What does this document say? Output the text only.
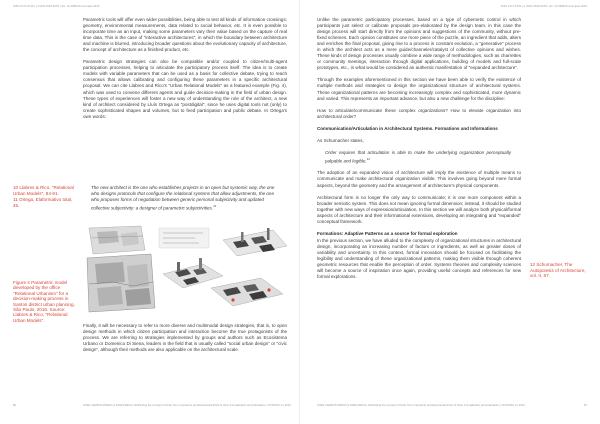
ISSN 2171-6749 | e-ISSN 2530-8478 | doi: 10.4995/vitruvio-ijats.2019

Parametric tools will offer even wider possibilities, being able to test all kinds of information crossings: geometry, environmental measurements, data related to social behavior, etc. It is even possible to incorporate time as an input, making some parameters vary their value based on the capture of real time data. This is the case of "interactive architectures", in which the boundary between architecture and machine is blurred, introducing broader questions about the evolutionary capacity of architecture, the concept of architecture as a finished product, etc.

Parametric design strategies can also be compatible and/or coupled to citizen/multi-agent participation processes, helping to articulate the participatory process itself. The idea is to create models with variable parameters that can be used as a basis for collective debate, trying to reach consensus that allows calibrating and configuring these parameters in a specific architectural proposal. We can cite Llabres and Rico's "Urban Relational Models" as a featured example (Fig. 4), which was used to convene different agents and guide decision-making in the field of urban design. These types of experiences will foster a new way of understanding the role of the architect, a new kind of architect considered by Lluís Ortega as "postdigital", since he uses digital tools not (only) to create sophisticated shapes and volumes, but to feed participation and public debate. In Ortega's own words:

The new architect is the one who establishes projects in an open but systemic way, the one who designs protocols that configure the relational systems that allow adjustments, the one who proposes forms of negotiation between generic personal subjectivity and updated collective subjectivity: a designer of parametric subjectivities.$^{11}$
10 Llabres & Rico, "Relational Urban Models", 84-91.
11 Ortega, Elaformativo total, 45.
Figure 4 Parametric model developed by the office "Relational Urbanism" for a decision-making process in Santos district urban planning, São Paulo, 2016. Source: Llabres & Rico, "Relational Urban Models".

Finally, it will be necessary to refer to more diverse and multimodal design strategies, that is, to open design methods in which citizen participation and interaction become the true protagonists of the process. We are referring to strategies implemented by groups and authors such as Ecosistema Urbano or Domenico Di Siena, leaders in the field that is usually called "social urban design" or "civic design", although their methods are also applicable on the architectural scale.

86	JOSE CAMPOS PARDO & DIANA ERICA, Rethinking the concept of Order from a Systemic and Experiential Point of View: Formalization and Articulation | VITRUVIO 4 | 2019
ISSN 2171-6749 | e-ISSN 2530-8478 | doi: 10.4995/vitruvio-ijats.2019
12 Schumacher, The Autopoiesis of Architecture, vol. II, 87.

Unlike the parametric participatory processes, based on a type of cybernetic control in which participants just select or calibrate proposals pre-elaborated by the design team, in this case the design process will start directly from the opinions and suggestions of the community, without pre-fixed schemes. Each opinion constitutes one more piece of the puzzle, an ingredient that adds, alters and enriches the final proposal, giving rise to a process in constant evolution, a "generative" process in which the architect acts as a mere guide/channeler/catalyst of collective opinions and wishes. These kinds of design processes usually combine a wide range of methodologies, such as charrettes or community meetings, interaction through digital applications, building of models and full-scale prototypes, etc., in what would be considered an authentic manifestation of "expanded architecture".

Through the examples aforementioned in this section we have been able to verify the existence of multiple methods and strategies to design the organizational structure of architectural systems. These organizational patterns are becoming increasingly complex and sophisticated, more dynamic and varied. This represents an important advance, but also a new challenge for the discipline:

How to articulate/communicate these complex organizations? How to elevate organization into architectural order?

Communication/Articulation in Architectural Systems. Formations and Informations

As Schumacher states,

Order requires that articulation is able to make the underlying organization perceptually palpable and legible.$^{12}$

The adoption of an expanded vision of architecture will imply the existence of multiple means to communicate and make architectural organization visible. This involves going beyond mere formal aspects, beyond the geometry and the arrangement of architecture's physical components.

Architectural form is no longer the only way to communicate; it is one more component within a broader semiotic system. This does not mean ignoring formal dimension; instead, it should be studied together with new ways of expression/articulation. In this section we will analyze both physical/formal aspects of architecture and their informational extensions, developing an integrating and "expanded" conceptual framework.

Formations: Adaptive Patterns as a source for formal exploration

In the previous section, we have alluded to the complexity of organizational structures in architectural design, incorporating an increasing number of factors or ingredients, as well as greater doses of variability and uncertainty. In this context, formal innovation should be focused on facilitating the legibility and understanding of these organizational patterns, making them visible through coherent geometric resources that enable the perception of order. Systems theories and complexity sciences will become a source of inspiration once again, providing useful concepts and references for new formal explorations.

JOSE CAMPOS PARDO & DIANA ERICA, Rethinking the concept of Order from a Systemic and Experiential Point of View: Formalization and Articulation | VITRUVIO 4 | 2019	87
